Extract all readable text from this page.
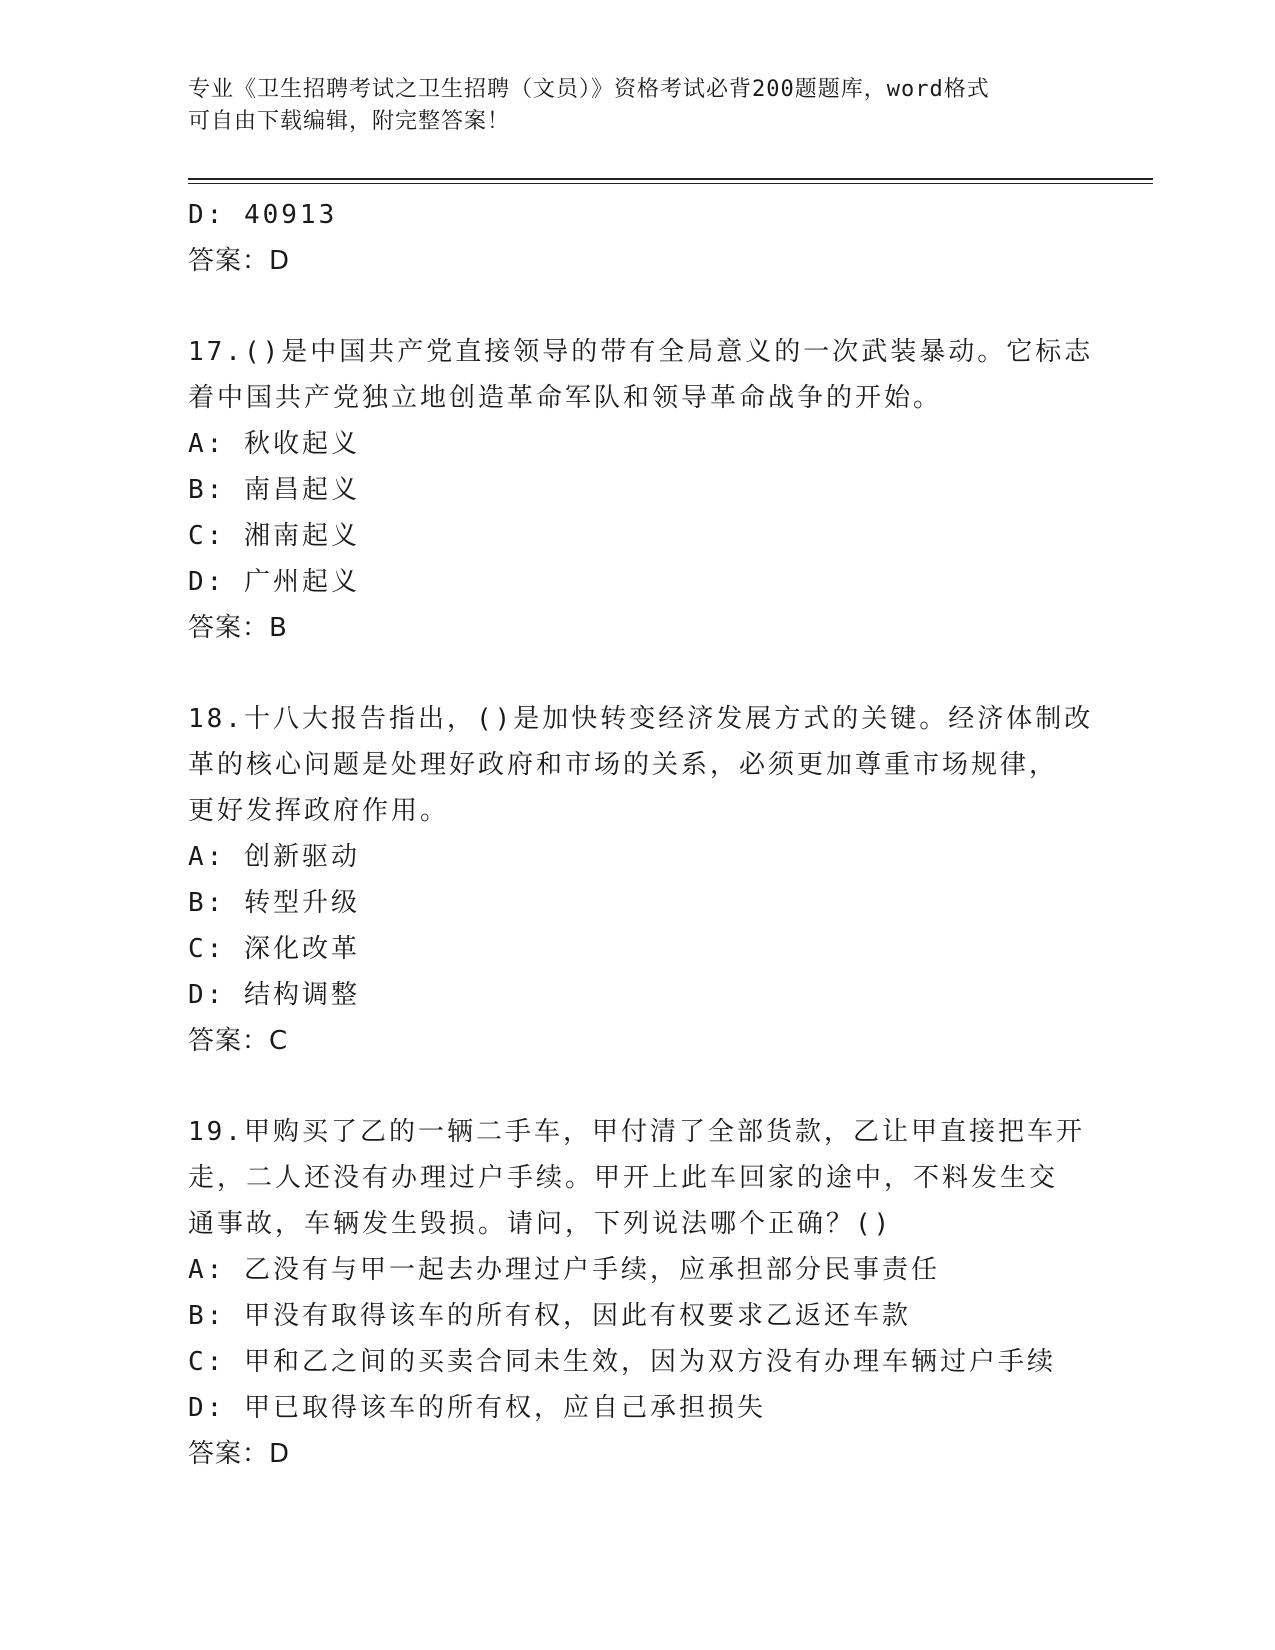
专业《卫生招聘考试之卫生招聘（文员）》资格考试必背200题题库，word格式
可自由下载编辑，附完整答案！
D: 40913
答案：D
17.()是中国共产党直接领导的带有全局意义的一次武装暴动。它标志
着中国共产党独立地创造革命军队和领导革命战争的开始。
A: 秋收起义
B: 南昌起义
C: 湘南起义
D: 广州起义
答案：B
18.十八大报告指出，()是加快转变经济发展方式的关键。经济体制改
革的核心问题是处理好政府和市场的关系，必须更加尊重市场规律，
更好发挥政府作用。
A: 创新驱动
B: 转型升级
C: 深化改革
D: 结构调整
答案：C
19.甲购买了乙的一辆二手车，甲付清了全部货款，乙让甲直接把车开
走，二人还没有办理过户手续。甲开上此车回家的途中，不料发生交
通事故，车辆发生毁损。请问，下列说法哪个正确？()
A: 乙没有与甲一起去办理过户手续，应承担部分民事责任
B: 甲没有取得该车的所有权，因此有权要求乙返还车款
C: 甲和乙之间的买卖合同未生效，因为双方没有办理车辆过户手续
D: 甲已取得该车的所有权，应自己承担损失
答案：D
